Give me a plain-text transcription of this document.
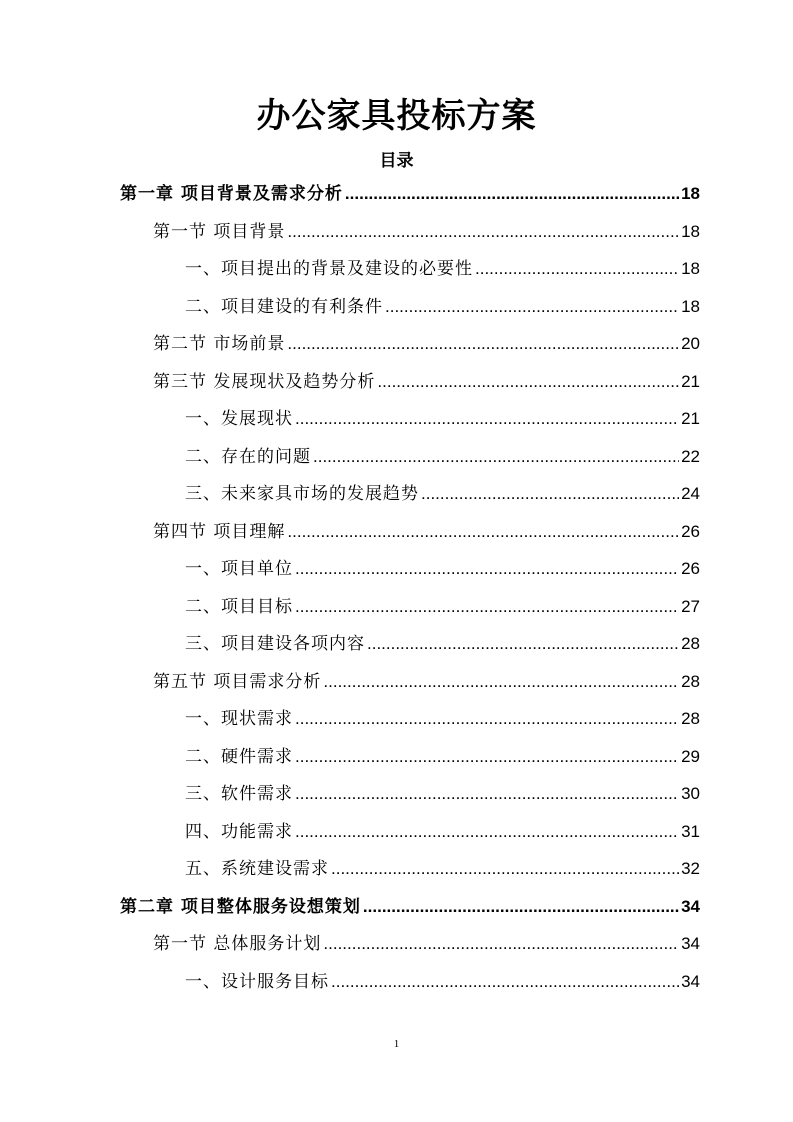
办公家具投标方案
目录
第一章 项目背景及需求分析 .....	18
第一节 项目背景 .....	18
一、项目提出的背景及建设的必要性 .....	18
二、项目建设的有利条件 .....	18
第二节 市场前景 .....	20
第三节 发展现状及趋势分析 .....	21
一、发展现状 .....	21
二、存在的问题 .....	22
三、未来家具市场的发展趋势 .....	24
第四节 项目理解 .....	26
一、项目单位 .....	26
二、项目目标 .....	27
三、项目建设各项内容 .....	28
第五节 项目需求分析 .....	28
一、现状需求 .....	28
二、硬件需求 .....	29
三、软件需求 .....	30
四、功能需求 .....	31
五、系统建设需求 .....	32
第二章 项目整体服务设想策划 .....	34
第一节 总体服务计划 .....	34
一、设计服务目标 .....	34
1
